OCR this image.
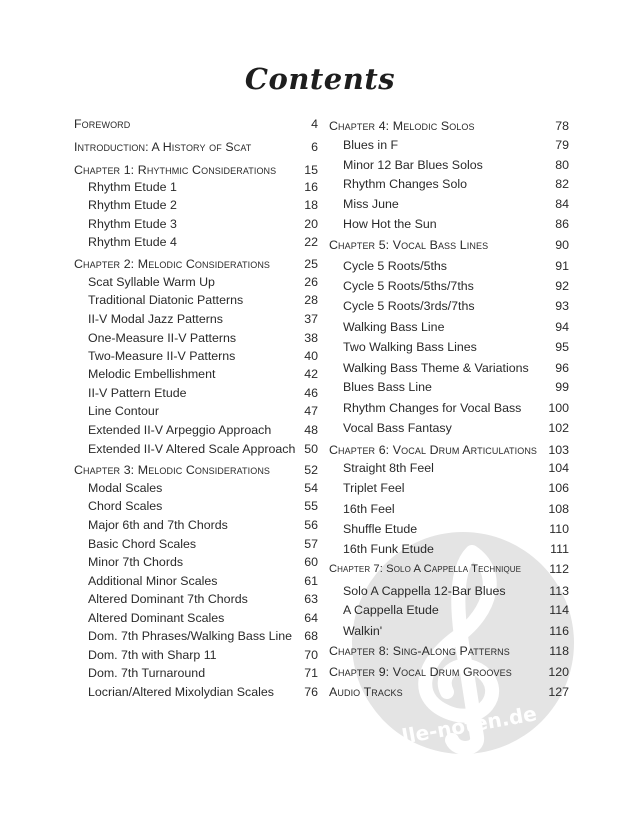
alle-noten.de
Contents
Foreword	4
Introduction: A History of Scat	6
Chapter 1: Rhythmic Considerations 15
Rhythm Etude 1	16
Rhythm Etude 2	18
Rhythm Etude 3	20
Rhythm Etude 4	22
Chapter 2: Melodic Considerations	25
Scat Syllable Warm Up	26
Traditional Diatonic Patterns	28
II-V Modal Jazz Patterns	37
One-Measure II-V Patterns	38
Two-Measure II-V Patterns	40
Melodic Embellishment	42
II-V Pattern Etude	46
Line Contour	47
Extended II-V Arpeggio Approach	48
Extended II-V Altered Scale Approach 50
Chapter 3: Melodic Considerations	52
Modal Scales	54
Chord Scales	55
Major 6th and 7th Chords	56
Basic Chord Scales	57
Minor 7th Chords	60
Additional Minor Scales	61
Altered Dominant 7th Chords	63
Altered Dominant Scales	64
Dom. 7th Phrases/Walking Bass Line 68
Dom. 7th with Sharp 11	70
Dom. 7th Turnaround	71
Locrian/Altered Mixolydian Scales 76
Chapter 4: Melodic Solos	78
Blues in F	79
Minor 12 Bar Blues Solos	80
Rhythm Changes Solo	82
Miss June	84
How Hot the Sun	86
Chapter 5: Vocal Bass Lines	90
Cycle 5 Roots/5ths	91
Cycle 5 Roots/5ths/7ths	92
Cycle 5 Roots/3rds/7ths	93
Walking Bass Line	94
Two Walking Bass Lines	95
Walking Bass Theme & Variations 96
Blues Bass Line	99
Rhythm Changes for Vocal Bass 100
Vocal Bass Fantasy	102
Chapter 6: Vocal Drum Articulations 103
Straight 8th Feel	104
Triplet Feel	106
16th Feel	108
Shuffle Etude	110
16th Funk Etude	111
Chapter 7: Solo A Cappella Technique 112
Solo A Cappella 12-Bar Blues	113
A Cappella Etude	114
Walkin'	116
Chapter 8: Sing-Along Patterns	118
Chapter 9: Vocal Drum Grooves	120
Audio Tracks	127
